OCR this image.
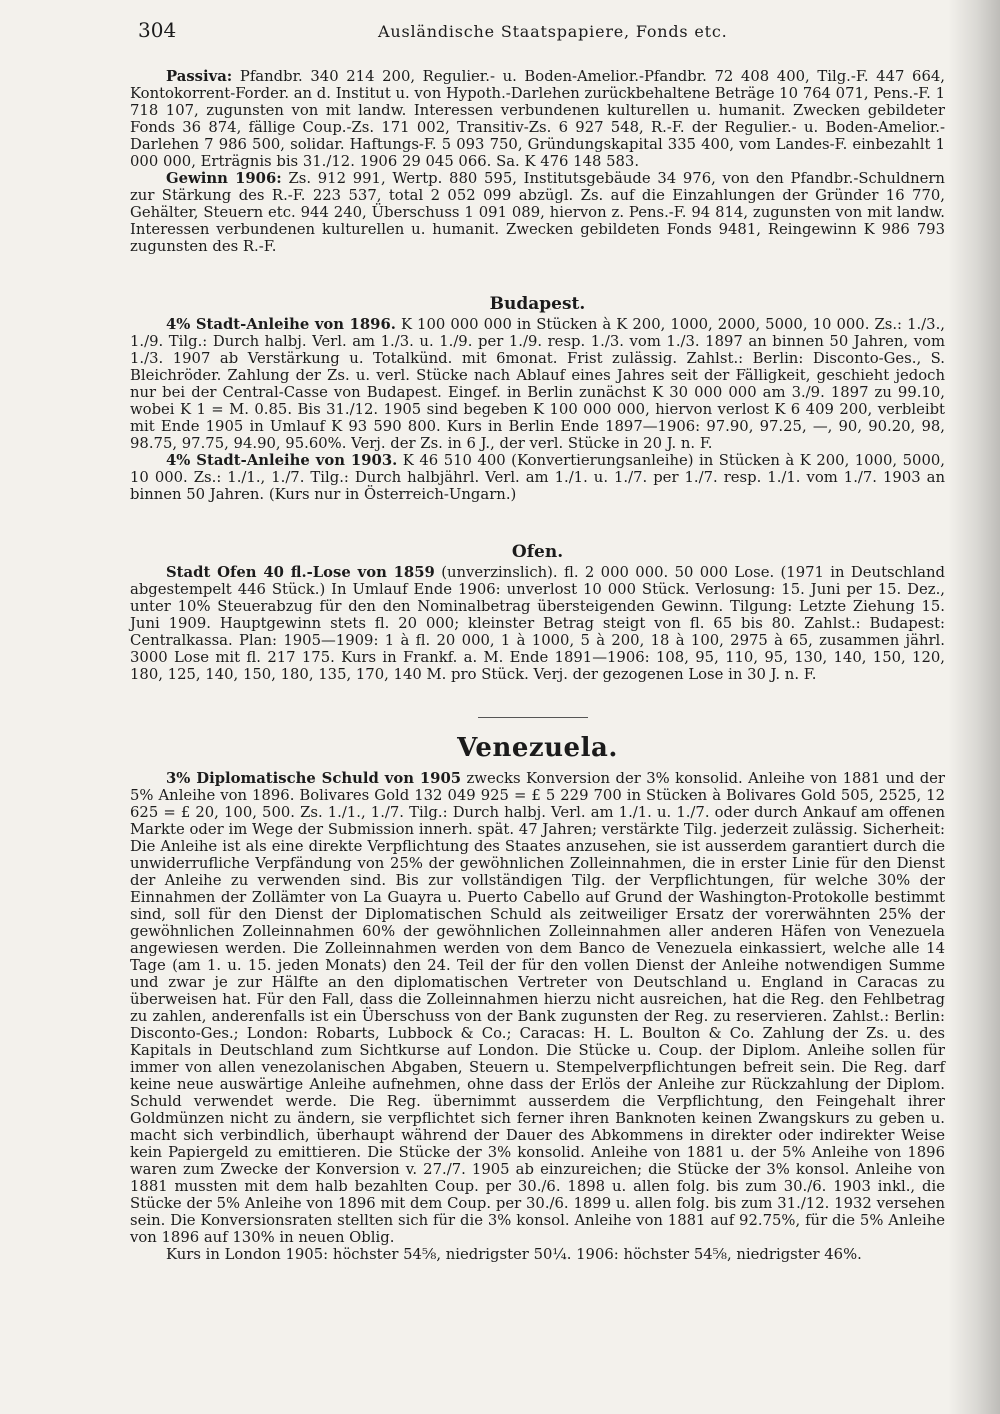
304	Ausländische Staatspapiere, Fonds etc.

Passiva: Pfandbr. 340 214 200, Regulier.- u. Boden-Amelior.-Pfandbr. 72 408 400, Tilg.-F. 447 664, Kontokorrent-Forder. an d. Institut u. von Hypoth.-Darlehen zurückbehaltene Beträge 10 764 071, Pens.-F. 1 718 107, zugunsten von mit landw. Interessen verbundenen kulturellen u. humanit. Zwecken gebildeter Fonds 36 874, fällige Coup.-Zs. 171 002, Transitiv-Zs. 6 927 548, R.-F. der Regulier.- u. Boden-Amelior.-Darlehen 7 986 500, solidar. Haftungs-F. 5 093 750, Gründungskapital 335 400, vom Landes-F. einbezahlt 1 000 000, Erträgnis bis 31./12. 1906 29 045 066. Sa. K 476 148 583.

Gewinn 1906: Zs. 912 991, Wertp. 880 595, Institutsgebäude 34 976, von den Pfandbr.-Schuldnern zur Stärkung des R.-F. 223 537, total 2 052 099 abzügl. Zs. auf die Einzahlungen der Gründer 16 770, Gehälter, Steuern etc. 944 240, Überschuss 1 091 089, hiervon z. Pens.-F. 94 814, zugunsten von mit landw. Interessen verbundenen kulturellen u. humanit. Zwecken gebildeten Fonds 9481, Reingewinn K 986 793 zugunsten des R.-F.

Budapest.

4% Stadt-Anleihe von 1896. K 100 000 000 in Stücken à K 200, 1000, 2000, 5000, 10 000. Zs.: 1./3., 1./9. Tilg.: Durch halbj. Verl. am 1./3. u. 1./9. per 1./9. resp. 1./3. vom 1./3. 1897 an binnen 50 Jahren, vom 1./3. 1907 ab Verstärkung u. Totalkünd. mit 6monat. Frist zulässig. Zahlst.: Berlin: Disconto-Ges., S. Bleichröder. Zahlung der Zs. u. verl. Stücke nach Ablauf eines Jahres seit der Fälligkeit, geschieht jedoch nur bei der Central-Casse von Budapest. Eingef. in Berlin zunächst K 30 000 000 am 3./9. 1897 zu 99.10, wobei K 1 = M. 0.85. Bis 31./12. 1905 sind begeben K 100 000 000, hiervon verlost K 6 409 200, verbleibt mit Ende 1905 in Umlauf K 93 590 800. Kurs in Berlin Ende 1897—1906: 97.90, 97.25, —, 90, 90.20, 98, 98.75, 97.75, 94.90, 95.60%. Verj. der Zs. in 6 J., der verl. Stücke in 20 J. n. F.

4% Stadt-Anleihe von 1903. K 46 510 400 (Konvertierungsanleihe) in Stücken à K 200, 1000, 5000, 10 000. Zs.: 1./1., 1./7. Tilg.: Durch halbjährl. Verl. am 1./1. u. 1./7. per 1./7. resp. 1./1. vom 1./7. 1903 an binnen 50 Jahren. (Kurs nur in Österreich-Ungarn.)

Ofen.

Stadt Ofen 40 fl.-Lose von 1859 (unverzinslich). fl. 2 000 000. 50 000 Lose. (1971 in Deutschland abgestempelt 446 Stück.) In Umlauf Ende 1906: unverlost 10 000 Stück. Verlosung: 15. Juni per 15. Dez., unter 10% Steuerabzug für den den Nominalbetrag übersteigenden Gewinn. Tilgung: Letzte Ziehung 15. Juni 1909. Hauptgewinn stets fl. 20 000; kleinster Betrag steigt von fl. 65 bis 80. Zahlst.: Budapest: Centralkassa. Plan: 1905—1909: 1 à fl. 20 000, 1 à 1000, 5 à 200, 18 à 100, 2975 à 65, zusammen jährl. 3000 Lose mit fl. 217 175. Kurs in Frankf. a. M. Ende 1891—1906: 108, 95, 110, 95, 130, 140, 150, 120, 180, 125, 140, 150, 180, 135, 170, 140 M. pro Stück. Verj. der gezogenen Lose in 30 J. n. F.

Venezuela.

3% Diplomatische Schuld von 1905 zwecks Konversion der 3% konsolid. Anleihe von 1881 und der 5% Anleihe von 1896. Bolivares Gold 132 049 925 = £ 5 229 700 in Stücken à Bolivares Gold 505, 2525, 12 625 = £ 20, 100, 500. Zs. 1./1., 1./7. Tilg.: Durch halbj. Verl. am 1./1. u. 1./7. oder durch Ankauf am offenen Markte oder im Wege der Submission innerh. spät. 47 Jahren; verstärkte Tilg. jederzeit zulässig. Sicherheit: Die Anleihe ist als eine direkte Verpflichtung des Staates anzusehen, sie ist ausserdem garantiert durch die unwiderrufliche Verpfändung von 25% der gewöhnlichen Zolleinnahmen, die in erster Linie für den Dienst der Anleihe zu verwenden sind. Bis zur vollständigen Tilg. der Verpflichtungen, für welche 30% der Einnahmen der Zollämter von La Guayra u. Puerto Cabello auf Grund der Washington-Protokolle bestimmt sind, soll für den Dienst der Diplomatischen Schuld als zeitweiliger Ersatz der vorerwähnten 25% der gewöhnlichen Zolleinnahmen 60% der gewöhnlichen Zolleinnahmen aller anderen Häfen von Venezuela angewiesen werden. Die Zolleinnahmen werden von dem Banco de Venezuela einkassiert, welche alle 14 Tage (am 1. u. 15. jeden Monats) den 24. Teil der für den vollen Dienst der Anleihe notwendigen Summe und zwar je zur Hälfte an den diplomatischen Vertreter von Deutschland u. England in Caracas zu überweisen hat. Für den Fall, dass die Zolleinnahmen hierzu nicht ausreichen, hat die Reg. den Fehlbetrag zu zahlen, anderenfalls ist ein Überschuss von der Bank zugunsten der Reg. zu reservieren. Zahlst.: Berlin: Disconto-Ges.; London: Robarts, Lubbock & Co.; Caracas: H. L. Boulton & Co. Zahlung der Zs. u. des Kapitals in Deutschland zum Sichtkurse auf London. Die Stücke u. Coup. der Diplom. Anleihe sollen für immer von allen venezolanischen Abgaben, Steuern u. Stempelverpflichtungen befreit sein. Die Reg. darf keine neue auswärtige Anleihe aufnehmen, ohne dass der Erlös der Anleihe zur Rückzahlung der Diplom. Schuld verwendet werde. Die Reg. übernimmt ausserdem die Verpflichtung, den Feingehalt ihrer Goldmünzen nicht zu ändern, sie verpflichtet sich ferner ihren Banknoten keinen Zwangskurs zu geben u. macht sich verbindlich, überhaupt während der Dauer des Abkommens in direkter oder indirekter Weise kein Papiergeld zu emittieren. Die Stücke der 3% konsolid. Anleihe von 1881 u. der 5% Anleihe von 1896 waren zum Zwecke der Konversion v. 27./7. 1905 ab einzureichen; die Stücke der 3% konsol. Anleihe von 1881 mussten mit dem halb bezahlten Coup. per 30./6. 1898 u. allen folg. bis zum 30./6. 1903 inkl., die Stücke der 5% Anleihe von 1896 mit dem Coup. per 30./6. 1899 u. allen folg. bis zum 31./12. 1932 versehen sein. Die Konversionsraten stellten sich für die 3% konsol. Anleihe von 1881 auf 92.75%, für die 5% Anleihe von 1896 auf 130% in neuen Oblig.

Kurs in London 1905: höchster 54⅝, niedrigster 50¼. 1906: höchster 54⅝, niedrigster 46%.
